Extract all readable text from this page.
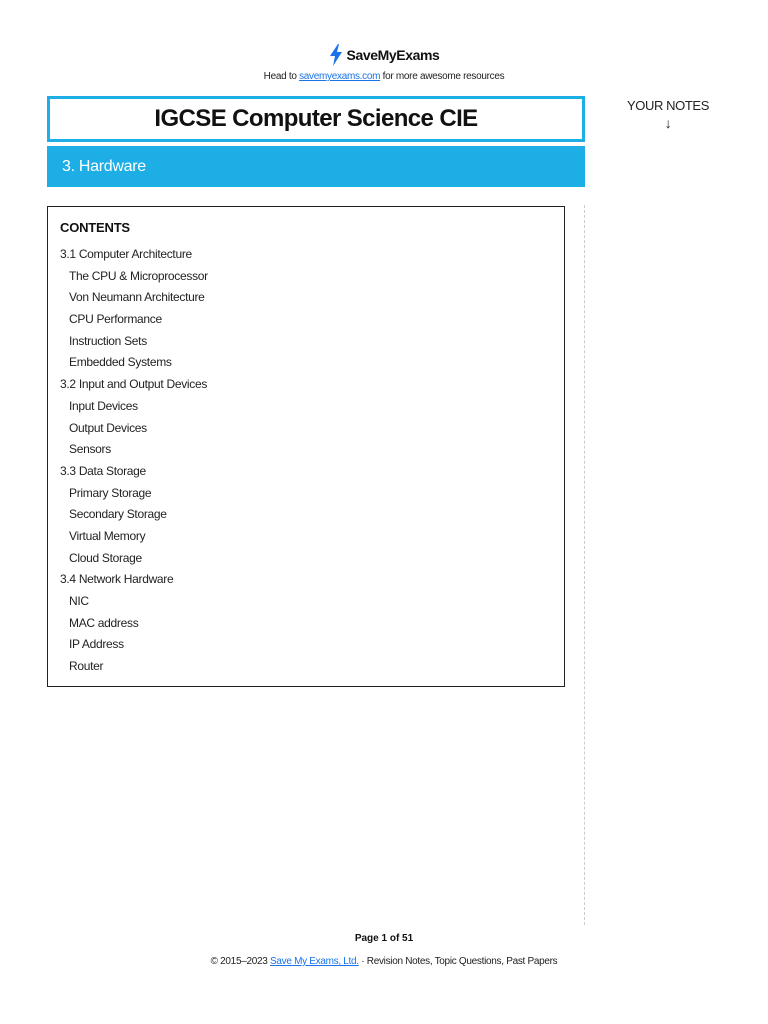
SaveMyExams
Head to savemyexams.com for more awesome resources
IGCSE Computer Science CIE
3. Hardware
YOUR NOTES
↓
CONTENTS
3.1 Computer Architecture
The CPU & Microprocessor
Von Neumann Architecture
CPU Performance
Instruction Sets
Embedded Systems
3.2 Input and Output Devices
Input Devices
Output Devices
Sensors
3.3 Data Storage
Primary Storage
Secondary Storage
Virtual Memory
Cloud Storage
3.4 Network Hardware
NIC
MAC address
IP Address
Router
Page 1 of 51
© 2015–2023 Save My Exams, Ltd. · Revision Notes, Topic Questions, Past Papers
